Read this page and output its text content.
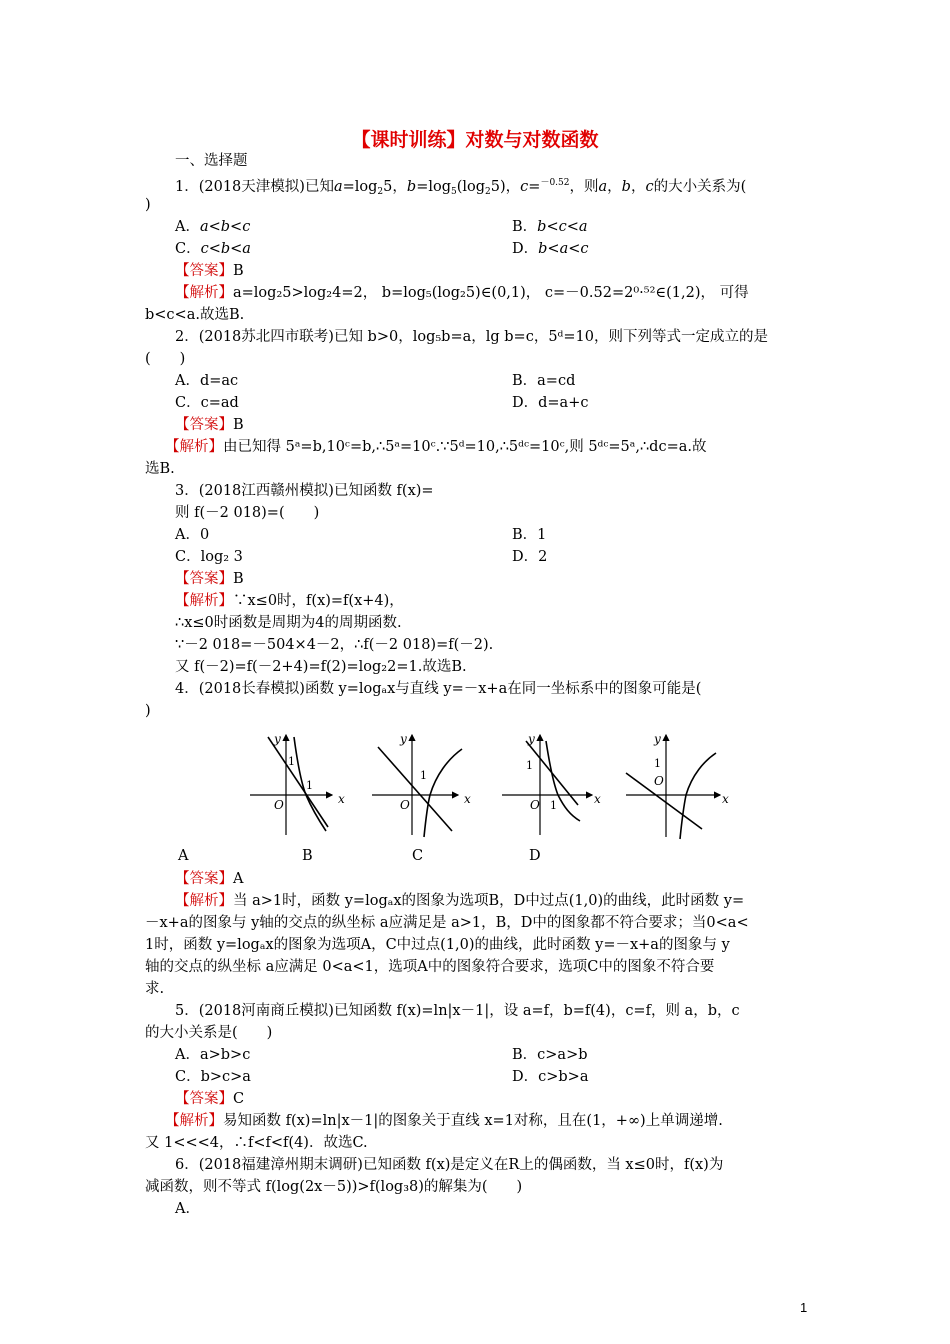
【课时训练】对数与对数函数
一、选择题
1．(2018天津模拟)已知$a=\log_25$，$b=\log_5(\log_25)$，c=$^{-0.52}$，则a，b，c的大小关系为(
)
A．a<b<c	B．b<c<a
C．c<b<a	D．b<a<c
【答案】B
【解析】a=log₂5>log₂4=2， b=log₅(log₂5)∈(0,1)， c=－0.52=2⁰·⁵²∈(1,2)， 可得
b<c<a.故选B.
2．(2018苏北四市联考)已知 b>0，log₅b=a，lg b=c，5ᵈ=10，则下列等式一定成立的是
(　　)
A．d=ac	B．a=cd
C．c=ad	D．d=a+c
【答案】B
【解析】由已知得 5ᵃ=b,10ᶜ=b,∴5ᵃ=10ᶜ.∵5ᵈ=10,∴5ᵈᶜ=10ᶜ,则 5ᵈᶜ=5ᵃ,∴dc=a.故
选B.
3．(2018江西赣州模拟)已知函数 f(x)=
则 f(－2 018)=(　　)
A．0	B．1
C．log₂ 3	D．2
【答案】B
【解析】∵x≤0时，f(x)=f(x+4)，
∴x≤0时函数是周期为4的周期函数.
∵－2 018=－504×4－2，∴f(－2 018)=f(－2).
又 f(－2)=f(－2+4)=f(2)=log₂2=1.故选B.
4．(2018长春模拟)函数 y=logₐx与直线 y=－x+a在同一坐标系中的图象可能是(
)
y
x
O
1
1
y
x
O
1
y
x
O
1
1
y
x
O
1
A	B	C	D
【答案】A
【解析】当 a>1时，函数 y=logₐx的图象为选项B，D中过点(1,0)的曲线，此时函数 y=
－x+a的图象与 y轴的交点的纵坐标 a应满足是 a>1，B，D中的图象都不符合要求；当0<a<
1时，函数 y=logₐx的图象为选项A，C中过点(1,0)的曲线，此时函数 y=－x+a的图象与 y
轴的交点的纵坐标 a应满足 0<a<1，选项A中的图象符合要求，选项C中的图象不符合要
求.
5．(2018河南商丘模拟)已知函数 f(x)=ln|x－1|，设 a=f，b=f(4)，c=f，则 a，b，c
的大小关系是(　　)
A．a>b>c	B．c>a>b
C．b>c>a	D．c>b>a
【答案】C
【解析】易知函数 f(x)=ln|x－1|的图象关于直线 x=1对称，且在(1，+∞)上单调递增.
又 1<<<4，∴f<f<f(4)．故选C.
6．(2018福建漳州期末调研)已知函数 f(x)是定义在R上的偶函数，当 x≤0时，f(x)为
减函数，则不等式 f(log(2x－5))>f(log₃8)的解集为(　　)
A．
1
